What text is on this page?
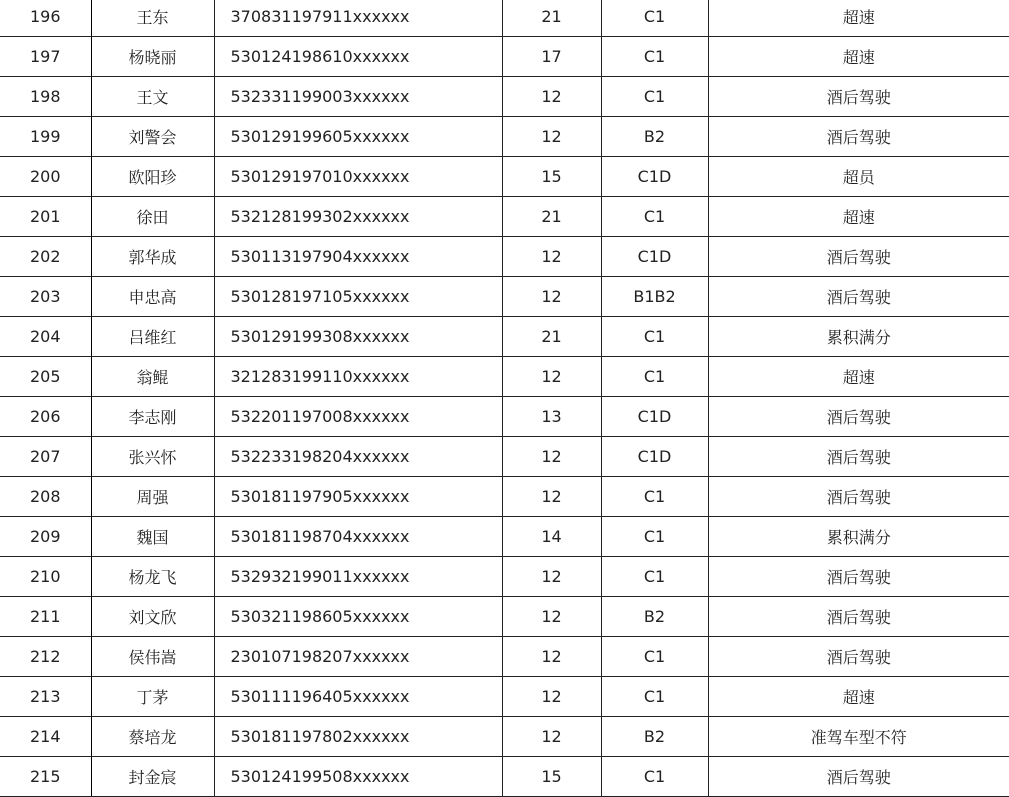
196	王东	370831197911xxxxxx	21	C1	超速
197	杨晓丽	530124198610xxxxxx	17	C1	超速
198	王文	532331199003xxxxxx	12	C1	酒后驾驶
199	刘警会	530129199605xxxxxx	12	B2	酒后驾驶
200	欧阳珍	530129197010xxxxxx	15	C1D	超员
201	徐田	532128199302xxxxxx	21	C1	超速
202	郭华成	530113197904xxxxxx	12	C1D	酒后驾驶
203	申忠高	530128197105xxxxxx	12	B1B2	酒后驾驶
204	吕维红	530129199308xxxxxx	21	C1	累积满分
205	翁鲲	321283199110xxxxxx	12	C1	超速
206	李志刚	532201197008xxxxxx	13	C1D	酒后驾驶
207	张兴怀	532233198204xxxxxx	12	C1D	酒后驾驶
208	周强	530181197905xxxxxx	12	C1	酒后驾驶
209	魏国	530181198704xxxxxx	14	C1	累积满分
210	杨龙飞	532932199011xxxxxx	12	C1	酒后驾驶
211	刘文欣	530321198605xxxxxx	12	B2	酒后驾驶
212	侯伟嵩	230107198207xxxxxx	12	C1	酒后驾驶
213	丁茅	530111196405xxxxxx	12	C1	超速
214	蔡培龙	530181197802xxxxxx	12	B2	准驾车型不符
215	封金宸	530124199508xxxxxx	15	C1	酒后驾驶
